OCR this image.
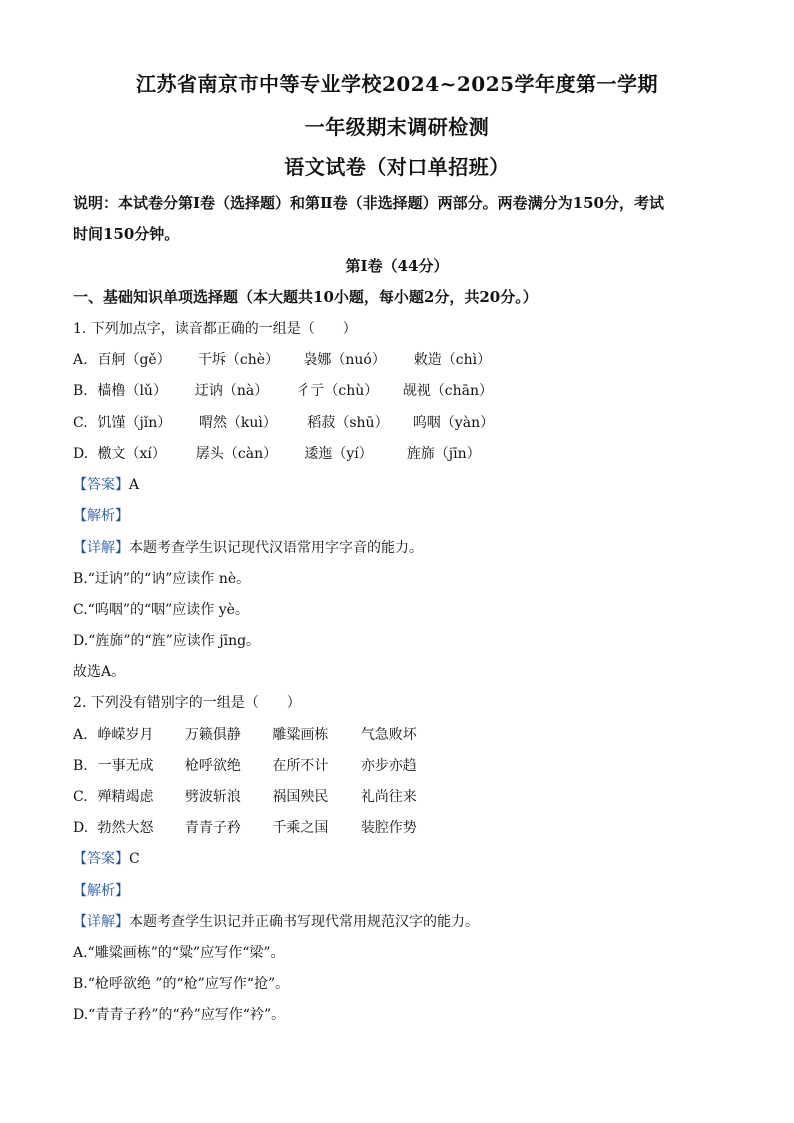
江苏省南京市中等专业学校2024~2025学年度第一学期
一年级期末调研检测
语文试卷（对口单招班）
说明：本试卷分第Ⅰ卷（选择题）和第Ⅱ卷（非选择题）两部分。两卷满分为150分，考试
时间150分钟。
第Ⅰ卷（44分）
一、基础知识单项选择题（本大题共10小题，每小题2分，共20分。）
1. 下列加点字，读音都正确的一组是（　　）
A. 百舸（gě） 干坼（chè） 袅娜（nuó） 敕造（chì）
B. 樯橹（lǔ） 迂讷（nà） 彳亍（chù） 觇视（chān）
C. 饥馑（jǐn） 喟然（kuì） 稻菽（shū） 呜咽（yàn）
D. 檄文（xí） 孱头（càn） 逶迤（yí） 旌旆（jīn）
【答案】A
【解析】
【详解】本题考查学生识记现代汉语常用字字音的能力。
B.“迂讷”的“讷”应读作 nè。
C.“呜咽”的“咽”应读作 yè。
D.“旌旆”的“旌”应读作 jīng。
故选A。
2. 下列没有错别字的一组是（　　）
A. 峥嵘岁月 万籁俱静 雕粱画栋 气急败坏
B. 一事无成 枪呼欲绝 在所不计 亦步亦趋
C. 殚精竭虑 劈波斩浪 祸国殃民 礼尚往来
D. 勃然大怒 青青子矜 千乘之国 装腔作势
【答案】C
【解析】
【详解】本题考查学生识记并正确书写现代常用规范汉字的能力。
A.“雕粱画栋”的“粱”应写作“梁”。
B.“枪呼欲绝 ”的“枪”应写作“抢”。
D.“青青子矜”的“矜”应写作“衿”。
